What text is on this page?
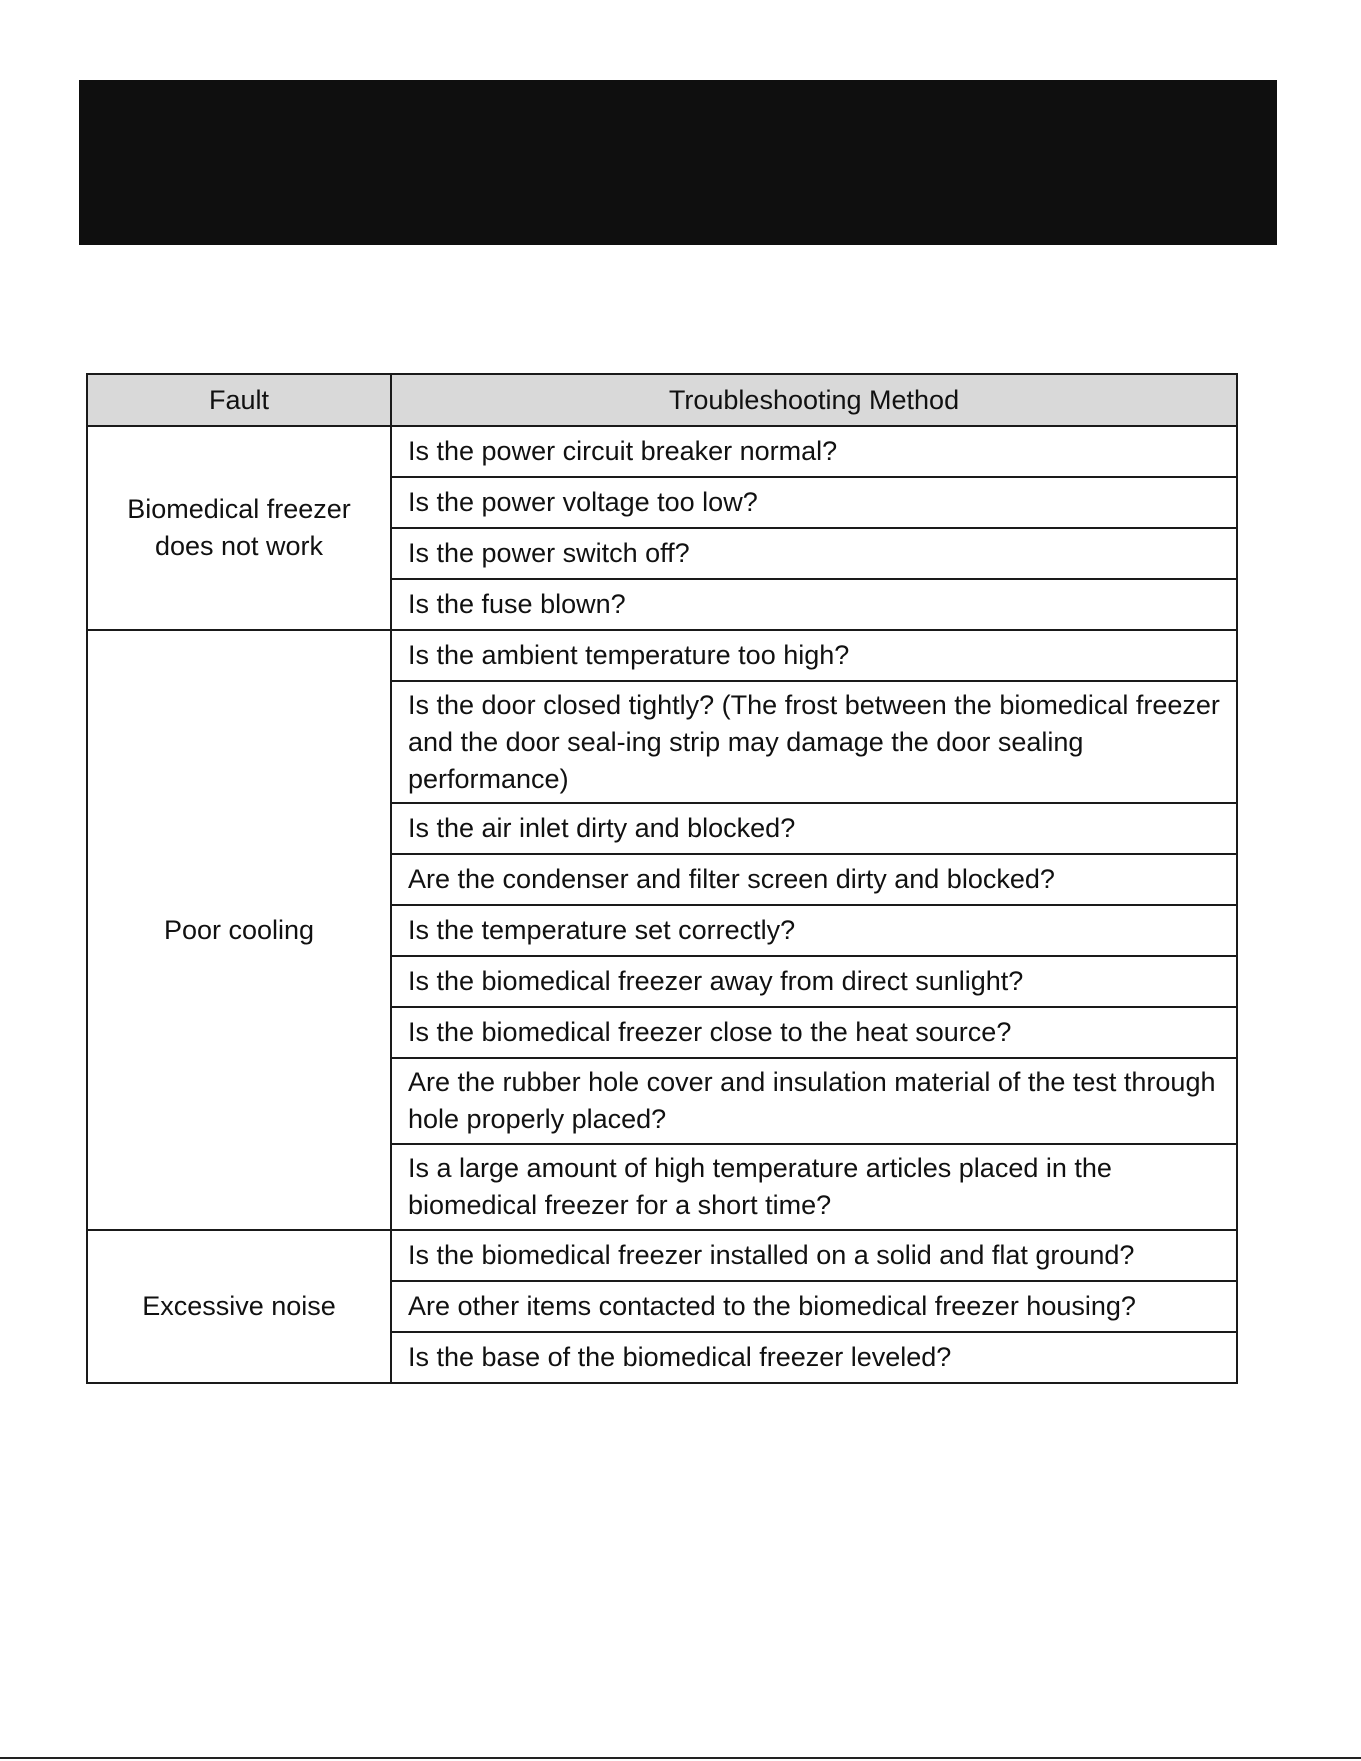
Fault	Troubleshooting Method
Biomedical freezer does not work	Is the power circuit breaker normal?
	Is the power voltage too low?
	Is the power switch off?
	Is the fuse blown?
Poor cooling	Is the ambient temperature too high?
	Is the door closed tightly? (The frost between the biomedical freezer and the door seal-ing strip may damage the door sealing performance)
	Is the air inlet dirty and blocked?
	Are the condenser and filter screen dirty and blocked?
	Is the temperature set correctly?
	Is the biomedical freezer away from direct sunlight?
	Is the biomedical freezer close to the heat source?
	Are the rubber hole cover and insulation material of the test through hole properly placed?
	Is a large amount of high temperature articles placed in the biomedical freezer for a short time?
Excessive noise	Is the biomedical freezer installed on a solid and flat ground?
	Are other items contacted to the biomedical freezer housing?
	Is the base of the biomedical freezer leveled?
